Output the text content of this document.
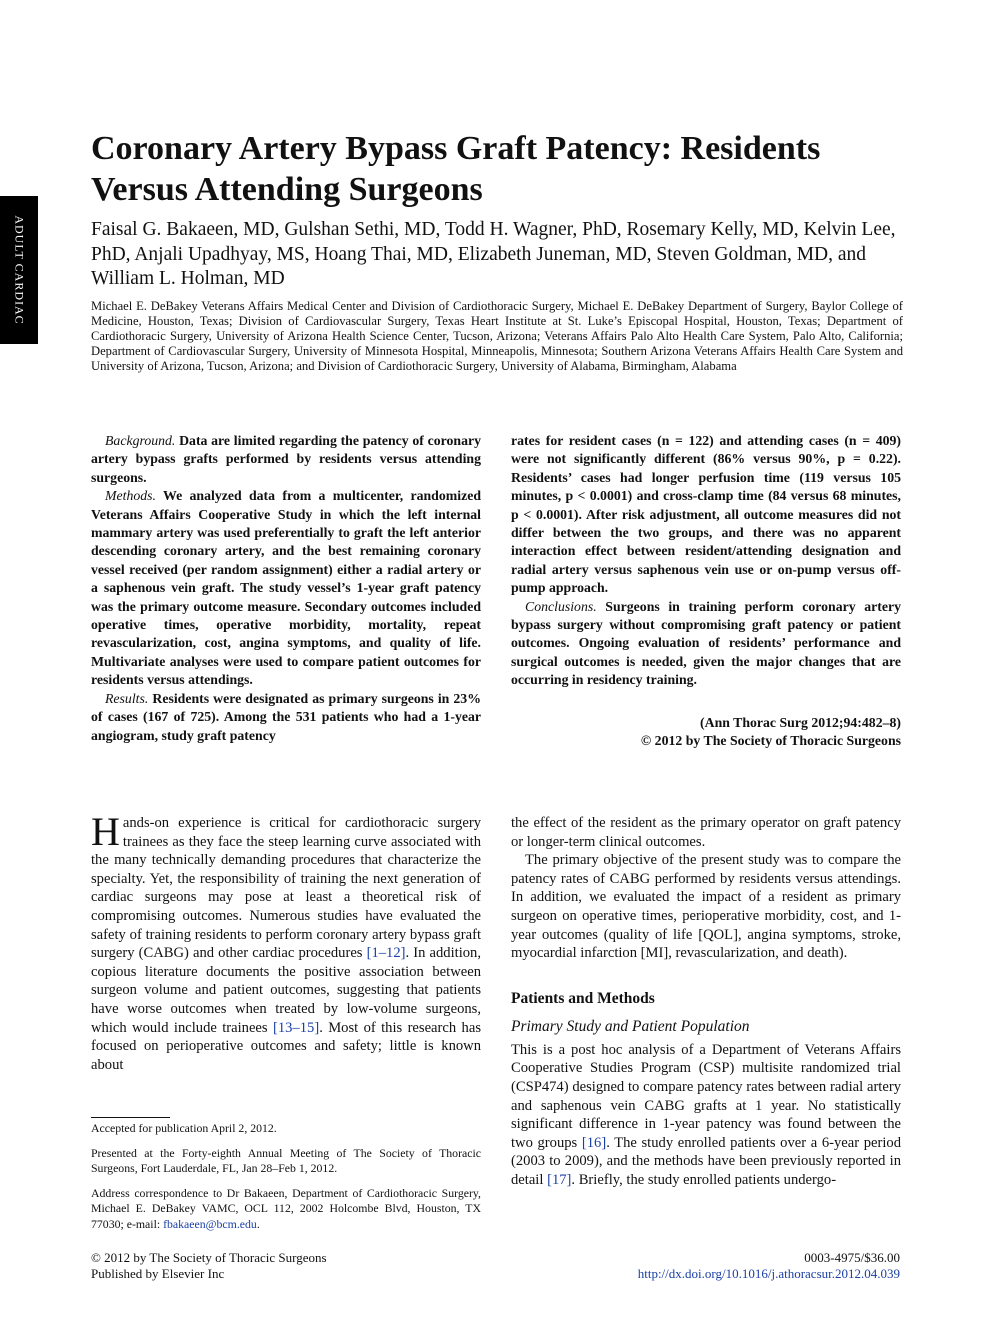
ADULT CARDIAC
Coronary Artery Bypass Graft Patency: Residents Versus Attending Surgeons
Faisal G. Bakaeen, MD, Gulshan Sethi, MD, Todd H. Wagner, PhD, Rosemary Kelly, MD, Kelvin Lee, PhD, Anjali Upadhyay, MS, Hoang Thai, MD, Elizabeth Juneman, MD, Steven Goldman, MD, and William L. Holman, MD
Michael E. DeBakey Veterans Affairs Medical Center and Division of Cardiothoracic Surgery, Michael E. DeBakey Department of Surgery, Baylor College of Medicine, Houston, Texas; Division of Cardiovascular Surgery, Texas Heart Institute at St. Luke’s Episcopal Hospital, Houston, Texas; Department of Cardiothoracic Surgery, University of Arizona Health Science Center, Tucson, Arizona; Veterans Affairs Palo Alto Health Care System, Palo Alto, California; Department of Cardiovascular Surgery, University of Minnesota Hospital, Minneapolis, Minnesota; Southern Arizona Veterans Affairs Health Care System and University of Arizona, Tucson, Arizona; and Division of Cardiothoracic Surgery, University of Alabama, Birmingham, Alabama

Background. Data are limited regarding the patency of coronary artery bypass grafts performed by residents versus attending surgeons.

Methods. We analyzed data from a multicenter, randomized Veterans Affairs Cooperative Study in which the left internal mammary artery was used preferentially to graft the left anterior descending coronary artery, and the best remaining coronary vessel received (per random assignment) either a radial artery or a saphenous vein graft. The study vessel’s 1-year graft patency was the primary outcome measure. Secondary outcomes included operative times, operative morbidity, mortality, repeat revascularization, cost, angina symptoms, and quality of life. Multivariate analyses were used to compare patient outcomes for residents versus attendings.

Results. Residents were designated as primary surgeons in 23% of cases (167 of 725). Among the 531 patients who had a 1-year angiogram, study graft patency

rates for resident cases (n = 122) and attending cases (n = 409) were not significantly different (86% versus 90%, p = 0.22). Residents’ cases had longer perfusion time (119 versus 105 minutes, p < 0.0001) and cross-clamp time (84 versus 68 minutes, p < 0.0001). After risk adjustment, all outcome measures did not differ between the two groups, and there was no apparent interaction effect between resident/attending designation and radial artery versus saphenous vein use or on-pump versus off-pump approach.

Conclusions. Surgeons in training perform coronary artery bypass surgery without compromising graft patency or patient outcomes. Ongoing evaluation of residents’ performance and surgical outcomes is needed, given the major changes that are occurring in residency training.

(Ann Thorac Surg 2012;94:482–8)
© 2012 by The Society of Thoracic Surgeons

Hands-on experience is critical for cardiothoracic surgery trainees as they face the steep learning curve associated with the many technically demanding procedures that characterize the specialty. Yet, the responsibility of training the next generation of cardiac surgeons may pose at least a theoretical risk of compromising outcomes. Numerous studies have evaluated the safety of training residents to perform coronary artery bypass graft surgery (CABG) and other cardiac procedures [1–12]. In addition, copious literature documents the positive association between surgeon volume and patient outcomes, suggesting that patients have worse outcomes when treated by low-volume surgeons, which would include trainees [13–15]. Most of this research has focused on perioperative outcomes and safety; little is known about

the effect of the resident as the primary operator on graft patency or longer-term clinical outcomes.

The primary objective of the present study was to compare the patency rates of CABG performed by residents versus attendings. In addition, we evaluated the impact of a resident as primary surgeon on operative times, perioperative morbidity, cost, and 1-year outcomes (quality of life [QOL], angina symptoms, stroke, myocardial infarction [MI], revascularization, and death).

Patients and Methods
Primary Study and Patient Population

This is a post hoc analysis of a Department of Veterans Affairs Cooperative Studies Program (CSP) multisite randomized trial (CSP474) designed to compare patency rates between radial artery and saphenous vein CABG grafts at 1 year. No statistically significant difference in 1-year patency was found between the two groups [16]. The study enrolled patients over a 6-year period (2003 to 2009), and the methods have been previously reported in detail [17]. Briefly, the study enrolled patients undergo-

Accepted for publication April 2, 2012.

Presented at the Forty-eighth Annual Meeting of The Society of Thoracic Surgeons, Fort Lauderdale, FL, Jan 28–Feb 1, 2012.

Address correspondence to Dr Bakaeen, Department of Cardiothoracic Surgery, Michael E. DeBakey VAMC, OCL 112, 2002 Holcombe Blvd, Houston, TX 77030; e-mail: fbakaeen@bcm.edu.

© 2012 by The Society of Thoracic Surgeons
Published by Elsevier Inc
0003-4975/$36.00
http://dx.doi.org/10.1016/j.athoracsur.2012.04.039
